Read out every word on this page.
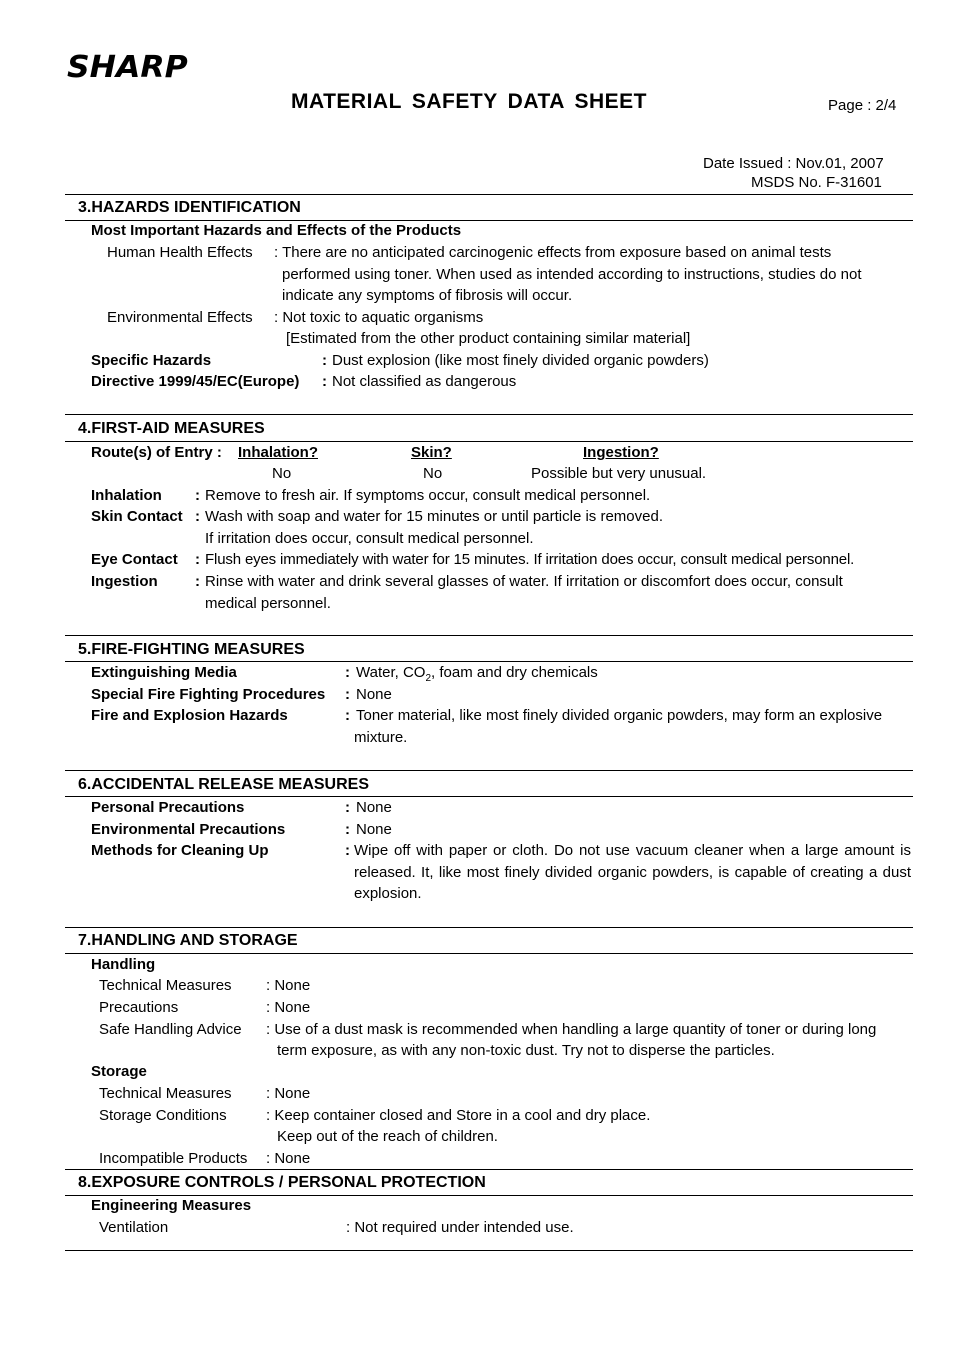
SHARP
MATERIAL SAFETY DATA SHEET	Page : 2/4
Date Issued : Nov.01, 2007
MSDS No. F-31601
3.HAZARDS IDENTIFICATION
Most Important Hazards and Effects of the Products
Human Health Effects : There are no anticipated carcinogenic effects from exposure based on animal tests
performed using toner. When used as intended according to instructions, studies do not
indicate any symptoms of fibrosis will occur.
Environmental Effects : Not toxic to aquatic organisms
[Estimated from the other product containing similar material]
Specific Hazards	: Dust explosion (like most finely divided organic powders)
Directive 1999/45/EC(Europe) : Not classified as dangerous
4.FIRST-AID MEASURES
Route(s) of Entry : Inhalation?	Skin?	Ingestion?
No	No	Possible but very unusual.
Inhalation : Remove to fresh air. If symptoms occur, consult medical personnel.
Skin Contact : Wash with soap and water for 15 minutes or until particle is removed.
If irritation does occur, consult medical personnel.
Eye Contact : Flush eyes immediately with water for 15 minutes. If irritation does occur, consult medical personnel.
Ingestion : Rinse with water and drink several glasses of water. If irritation or discomfort does occur, consult
medical personnel.
5.FIRE-FIGHTING MEASURES
Extinguishing Media	: Water, $CO_2$, foam and dry chemicals
Special Fire Fighting Procedures : None
Fire and Explosion Hazards	: Toner material, like most finely divided organic powders, may form an explosive
mixture.
6.ACCIDENTAL RELEASE MEASURES
Personal Precautions	: None
Environmental Precautions	: None
Methods for Cleaning Up	: Wipe off with paper or cloth. Do not use vacuum cleaner when a large amount is released. It, like most finely divided organic powders, is capable of creating a dust explosion.
7.HANDLING AND STORAGE
Handling
Technical Measures : None
Precautions	: None
Safe Handling Advice : Use of a dust mask is recommended when handling a large quantity of toner or during long
term exposure, as with any non-toxic dust. Try not to disperse the particles.
Storage
Technical Measures : None
Storage Conditions	: Keep container closed and Store in a cool and dry place.
Keep out of the reach of children.
Incompatible Products : None
8.EXPOSURE CONTROLS / PERSONAL PROTECTION
Engineering Measures
Ventilation	: Not required under intended use.
